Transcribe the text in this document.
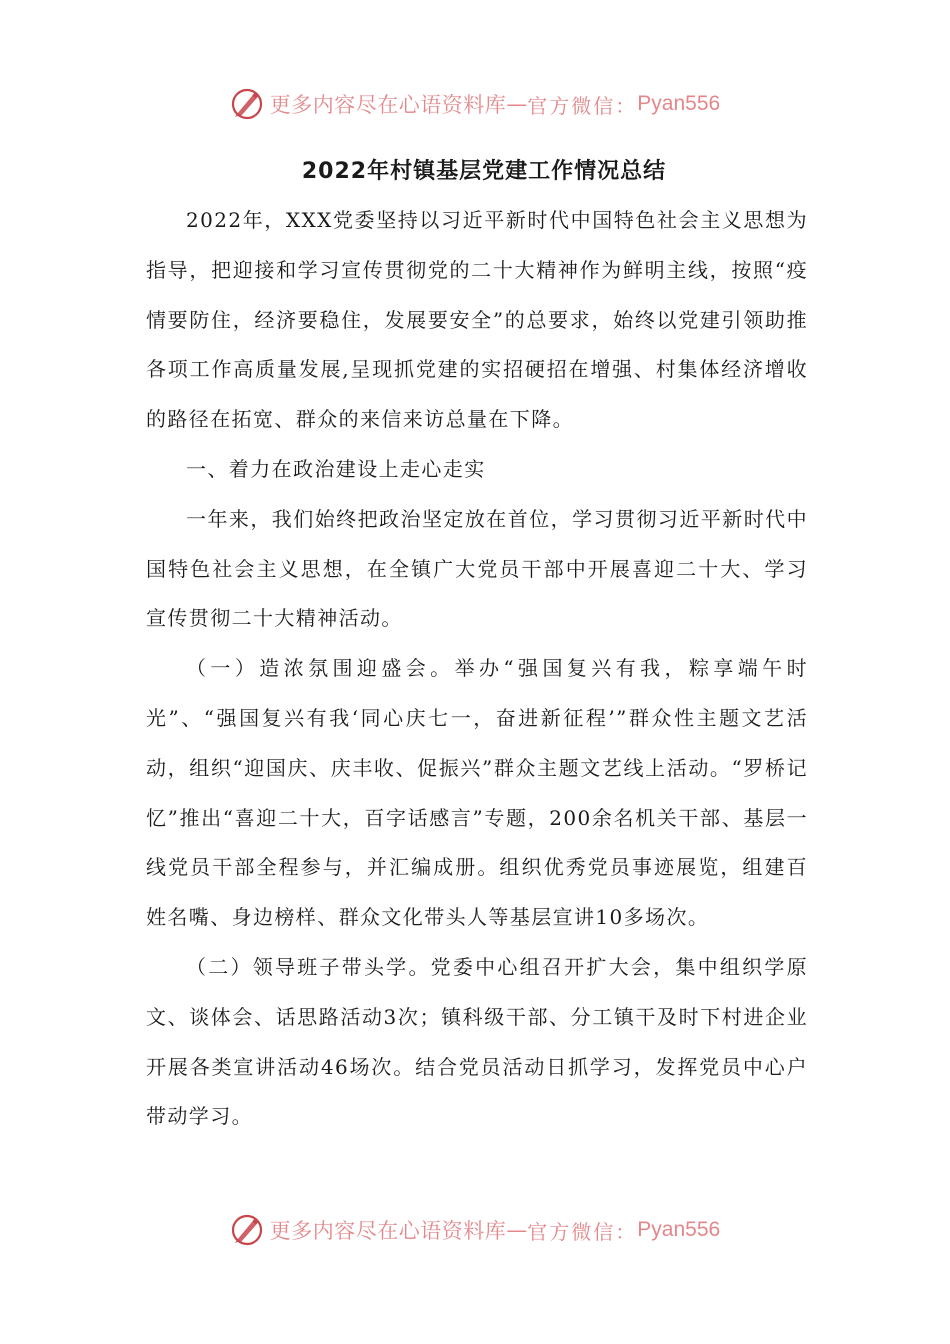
更多内容尽在心语资料库 — 官方微信： Pyan556
2022年村镇基层党建工作情况总结

2022年，XXX党委坚持以习近平新时代中国特色社会主义思想为指导，把迎接和学习宣传贯彻党的二十大精神作为鲜明主线，按照“疫情要防住，经济要稳住，发展要安全”的总要求，始终以党建引领助推各项工作高质量发展,呈现抓党建的实招硬招在增强、村集体经济增收的路径在拓宽、群众的来信来访总量在下降。

一、着力在政治建设上走心走实

一年来，我们始终把政治坚定放在首位，学习贯彻习近平新时代中国特色社会主义思想，在全镇广大党员干部中开展喜迎二十大、学习宣传贯彻二十大精神活动。

（一）造浓氛围迎盛会。举办“强国复兴有我，粽享端午时光”、“强国复兴有我‘同心庆七一，奋进新征程’”群众性主题文艺活动，组织“迎国庆、庆丰收、促振兴”群众主题文艺线上活动。“罗桥记忆”推出“喜迎二十大，百字话感言”专题，200余名机关干部、基层一线党员干部全程参与，并汇编成册。组织优秀党员事迹展览，组建百姓名嘴、身边榜样、群众文化带头人等基层宣讲10多场次。

（二）领导班子带头学。党委中心组召开扩大会，集中组织学原文、谈体会、话思路活动3次；镇科级干部、分工镇干及时下村进企业开展各类宣讲活动46场次。结合党员活动日抓学习，发挥党员中心户带动学习。

更多内容尽在心语资料库 — 官方微信： Pyan556
